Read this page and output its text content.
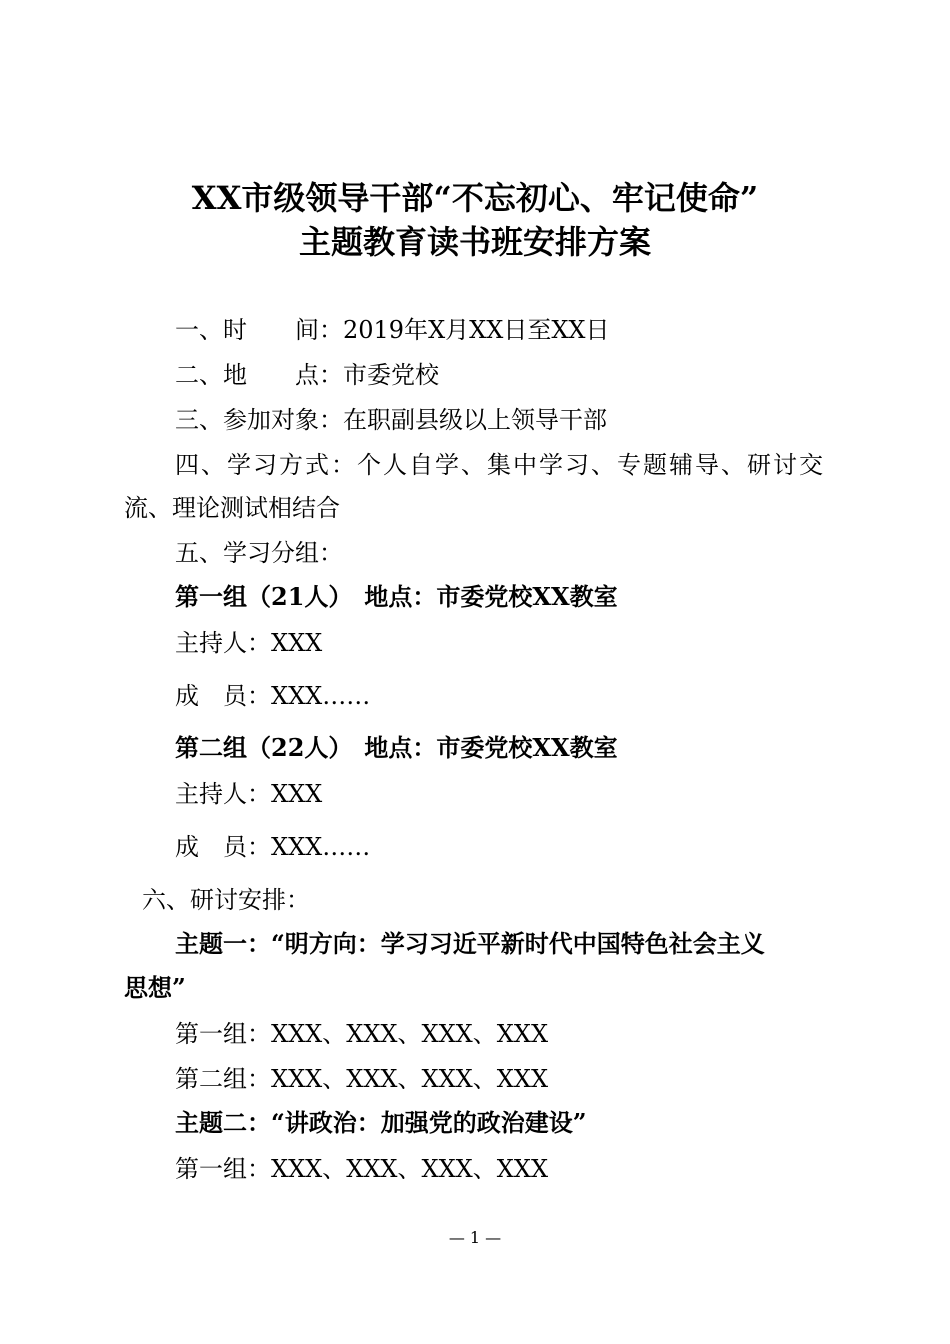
XX市级领导干部“不忘初心、牢记使命”
主题教育读书班安排方案
一、时　　间：2019年X月XX日至XX日
二、地　　点：市委党校
三、参加对象：在职副县级以上领导干部
四、学习方式：个人自学、集中学习、专题辅导、研讨交
流、理论测试相结合
五、学习分组：
第一组（21人）　地点：市委党校XX教室
主持人：XXX
成　员：XXX……
第二组（22人）　地点：市委党校XX教室
主持人：XXX
成　员：XXX……
六、研讨安排：
主题一：“明方向：学习习近平新时代中国特色社会主义
思想”
第一组：XXX、XXX、XXX、XXX
第二组：XXX、XXX、XXX、XXX
主题二：“讲政治：加强党的政治建设”
第一组：XXX、XXX、XXX、XXX
— 1 —
